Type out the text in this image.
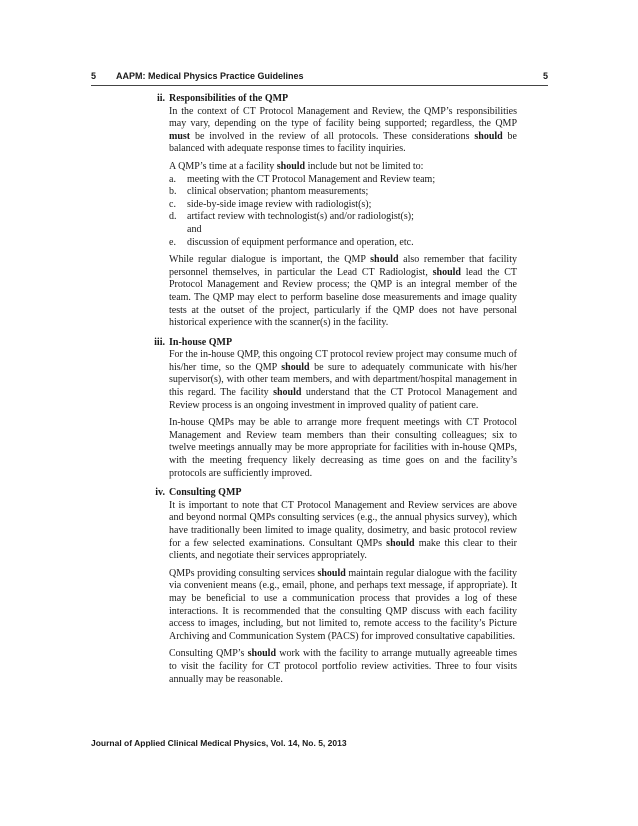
5 AAPM: Medical Physics Practice Guidelines	5
ii. Responsibilities of the QMP

In the context of CT Protocol Management and Review, the QMP’s responsibilities may vary, depending on the type of facility being supported; regardless, the QMP must be involved in the review of all protocols. These considerations should be balanced with adequate response times to facility inquiries.

A QMP’s time at a facility should include but not be limited to:

a. meeting with the CT Protocol Management and Review team;
b. clinical observation; phantom measurements;
c. side-by-side image review with radiologist(s);
d. artifact review with technologist(s) and/or radiologist(s);
and
e. discussion of equipment performance and operation, etc.

While regular dialogue is important, the QMP should also remember that facility personnel themselves, in particular the Lead CT Radiologist, should lead the CT Protocol Management and Review process; the QMP is an integral member of the team. The QMP may elect to perform baseline dose measurements and image quality tests at the outset of the project, particularly if the QMP does not have personal historical experience with the scanner(s) in the facility.

iii. In-house QMP

For the in-house QMP, this ongoing CT protocol review project may consume much of his/her time, so the QMP should be sure to adequately communicate with his/her supervisor(s), with other team members, and with department/hospital management in this regard. The facility should understand that the CT Protocol Management and Review process is an ongoing investment in improved quality of patient care.

In-house QMPs may be able to arrange more frequent meetings with CT Protocol Management and Review team members than their consulting colleagues; six to twelve meetings annually may be more appropriate for facilities with in-house QMPs, with the meeting frequency likely decreasing as time goes on and the facility’s protocols are sufficiently improved.

iv. Consulting QMP

It is important to note that CT Protocol Management and Review services are above and beyond normal QMPs consulting services (e.g., the annual physics survey), which have traditionally been limited to image quality, dosimetry, and basic protocol review for a few selected examinations. Consultant QMPs should make this clear to their clients, and negotiate their services appropriately.

QMPs providing consulting services should maintain regular dialogue with the facility via convenient means (e.g., email, phone, and perhaps text message, if appropriate). It may be beneficial to use a communication process that provides a log of these interactions. It is recommended that the consulting QMP discuss with each facility access to images, including, but not limited to, remote access to the facility’s Picture Archiving and Communication System (PACS) for improved consultative capabilities.

Consulting QMP’s should work with the facility to arrange mutually agreeable times to visit the facility for CT protocol portfolio review activities. Three to four visits annually may be reasonable.

Journal of Applied Clinical Medical Physics, Vol. 14, No. 5, 2013
